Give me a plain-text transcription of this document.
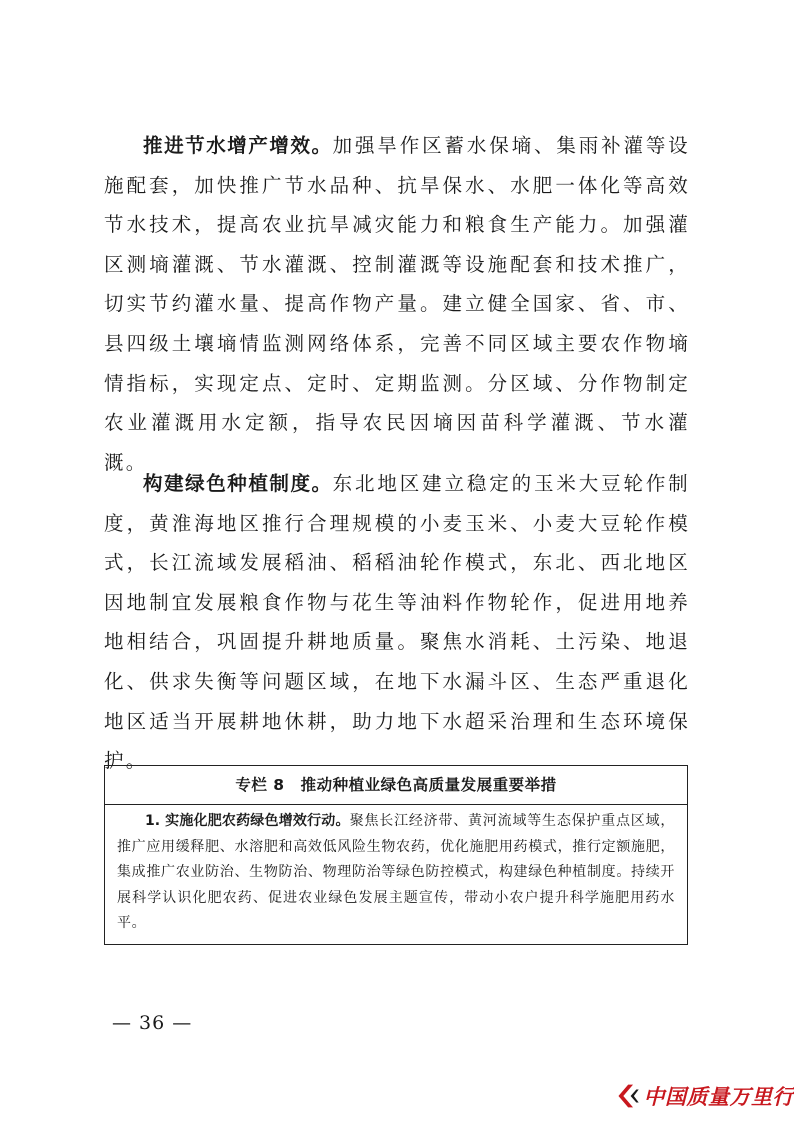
推进节水增产增效。加强旱作区蓄水保墒、集雨补灌等设施配套，加快推广节水品种、抗旱保水、水肥一体化等高效节水技术，提高农业抗旱减灾能力和粮食生产能力。加强灌区测墒灌溉、节水灌溉、控制灌溉等设施配套和技术推广，切实节约灌水量、提高作物产量。建立健全国家、省、市、县四级土壤墒情监测网络体系，完善不同区域主要农作物墒情指标，实现定点、定时、定期监测。分区域、分作物制定农业灌溉用水定额，指导农民因墒因苗科学灌溉、节水灌溉。

构建绿色种植制度。东北地区建立稳定的玉米大豆轮作制度，黄淮海地区推行合理规模的小麦玉米、小麦大豆轮作模式，长江流域发展稻油、稻稻油轮作模式，东北、西北地区因地制宜发展粮食作物与花生等油料作物轮作，促进用地养地相结合，巩固提升耕地质量。聚焦水消耗、土污染、地退化、供求失衡等问题区域，在地下水漏斗区、生态严重退化地区适当开展耕地休耕，助力地下水超采治理和生态环境保护。

专栏 8　推动种植业绿色高质量发展重要举措

1. 实施化肥农药绿色增效行动。聚焦长江经济带、黄河流域等生态保护重点区域，推广应用缓释肥、水溶肥和高效低风险生物农药，优化施肥用药模式，推行定额施肥，集成推广农业防治、生物防治、物理防治等绿色防控模式，构建绿色种植制度。持续开展科学认识化肥农药、促进农业绿色发展主题宣传，带动小农户提升科学施肥用药水平。

— 36 —
中国质量万里行
